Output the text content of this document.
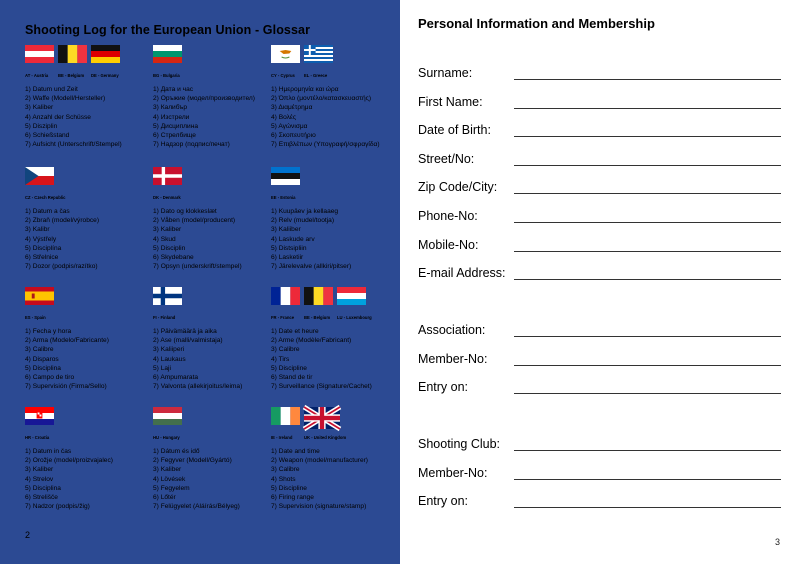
Shooting Log for the European Union - Glossar
AT - Austria	BE - Belgium	DE - Germany
1) Datum und Zeit
2) Waffe (Modell/Hersteller)
3) Kaliber
4) Anzahl der Schüsse
5) Disziplin
6) Schießstand
7) Aufsicht (Unterschrift/Stempel)
BG - Bulgaria
1) Дата и час
2) Оръжие (модел/производител)
3) Калибър
4) Изстрели
5) Дисциплина
6) Стрелбище
7) Надзор (подпис/печат)
CY - Cyprus	EL - Greece
1) Ημερομηνία και ώρα
2) Όπλο (μοντέλο/κατασκευαστής)
3) Διαμέτρημα
4) Βολές
5) Αγώνισμα
6) Σκοπευτήριο
7) Επιβλέπων (Υπογραφή/σφραγίδα)
CZ - Czech Republic
1) Datum a čas
2) Zbraň (model/výrobce)
3) Kalibr
4) Výstřely
5) Disciplína
6) Střelnice
7) Dozor (podpis/razítko)
DK - Denmark
1) Dato og klokkeslæt
2) Våben (model/producent)
3) Kaliber
4) Skud
5) Disciplin
6) Skydebane
7) Opsyn (underskrift/stempel)
EE - Estonia
1) Kuupäev ja kellaaeg
2) Relv (mudel/tootja)
3) Kaliiber
4) Laskude arv
5) Distsipliin
6) Lasketiir
7) Järelevalve (allkiri/pitser)
ES - Spain
1) Fecha y hora
2) Arma (Modelo/Fabricante)
3) Calibre
4) Disparos
5) Disciplina
6) Campo de tiro
7) Supervisión (Firma/Sello)
FI - Finland
1) Päivämäärä ja aika
2) Ase (malli/valmistaja)
3) Kaliiperi
4) Laukaus
5) Laji
6) Ampumarata
7) Valvonta (allekirjoitus/leima)
FR - France	BE - Belgium	LU - Luxembourg
1) Date et heure
2) Arme (Modèle/Fabricant)
3) Calibre
4) Tirs
5) Discipline
6) Stand de tir
7) Surveillance (Signature/Cachet)
HR - Croatia
1) Datum in čas
2) Orožje (model/proizvajalec)
3) Kaliber
4) Strelov
5) Disciplina
6) Strelišče
7) Nadzor (podpis/žig)
HU - Hungary
1) Dátum és idő
2) Fegyver (Modell/Gyártó)
3) Kaliber
4) Lövések
5) Fegyelem
6) Lőtér
7) Felügyelet (Aláírás/Bélyeg)
IE - Ireland	UK - United Kingdom
1) Date and time
2) Weapon (model/manufacturer)
3) Calibre
4) Shots
5) Discipline
6) Firing range
7) Supervision (signature/stamp)
2
Personal Information and Membership
Surname:
First Name:
Date of Birth:
Street/No:
Zip Code/City:
Phone-No:
Mobile-No:
E-mail Address:
Association:
Member-No:
Entry on:
Shooting Club:
Member-No:
Entry on:
3
